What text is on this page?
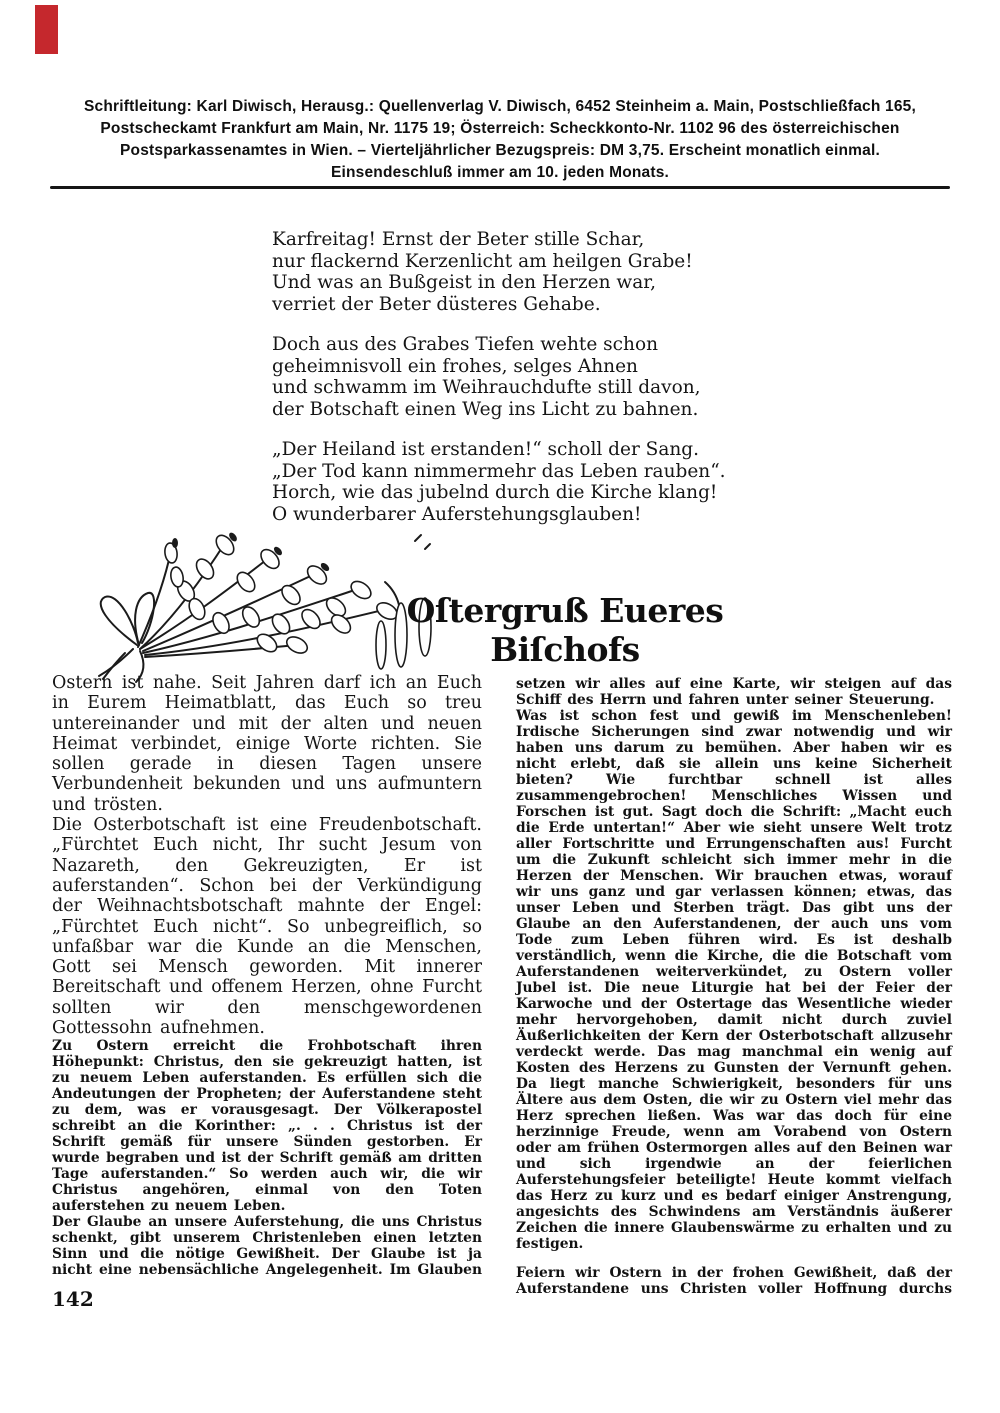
Schriftleitung: Karl Diwisch, Herausg.: Quellenverlag V. Diwisch, 6452 Steinheim a. Main, Postschließfach 165,
Postscheckamt Frankfurt am Main, Nr. 1175 19; Österreich: Scheckkonto-Nr. 1102 96 des österreichischen
Postsparkassenamtes in Wien. – Vierteljährlicher Bezugspreis: DM 3,75. Erscheint monatlich einmal.
Einsendeschluß immer am 10. jeden Monats.
Karfreitag! Ernst der Beter stille Schar,
nur flackernd Kerzenlicht am heilgen Grabe!
Und was an Bußgeist in den Herzen war,
verriet der Beter düsteres Gehabe.
Doch aus des Grabes Tiefen wehte schon
geheimnisvoll ein frohes, selges Ahnen
und schwamm im Weihrauchdufte still davon,
der Botschaft einen Weg ins Licht zu bahnen.
„Der Heiland ist erstanden!“ scholl der Sang.
„Der Tod kann nimmermehr das Leben rauben“.
Horch, wie das jubelnd durch die Kirche klang!
O wunderbarer Auferstehungsglauben!
Oſtergruß Eueres Biſchofs

Ostern ist nahe. Seit Jahren darf ich an Euch in Eurem Heimatblatt, das Euch so treu untereinander und mit der alten und neuen Heimat verbindet, einige Worte richten. Sie sollen gerade in diesen Tagen unsere Verbundenheit bekunden und uns aufmuntern und trösten.

Die Osterbotschaft ist eine Freudenbotschaft. „Fürchtet Euch nicht, Ihr sucht Jesum von Nazareth, den Gekreuzigten, Er ist auferstanden“. Schon bei der Verkündigung der Weihnachtsbotschaft mahnte der Engel: „Fürchtet Euch nicht“. So unbegreiflich, so unfaßbar war die Kunde an die Menschen, Gott sei Mensch geworden. Mit innerer Bereitschaft und offenem Herzen, ohne Furcht sollten wir den menschgewordenen Gottessohn aufnehmen.

Zu Ostern erreicht die Frohbotschaft ihren Höhepunkt: Christus, den sie gekreuzigt hatten, ist zu neuem Leben auferstanden. Es erfüllen sich die Andeutungen der Propheten; der Auferstandene steht zu dem, was er vorausgesagt. Der Völkerapostel schreibt an die Korinther: „. . . Christus ist der Schrift gemäß für unsere Sünden gestorben. Er wurde begraben und ist der Schrift gemäß am dritten Tage auferstanden.“ So werden auch wir, die wir Christus angehören, einmal von den Toten auferstehen zu neuem Leben.

Der Glaube an unsere Auferstehung, die uns Christus schenkt, gibt unserem Christenleben einen letzten Sinn und die nötige Gewißheit. Der Glaube ist ja nicht eine nebensächliche Angelegenheit. Im Glauben

setzen wir alles auf eine Karte, wir steigen auf das Schiff des Herrn und fahren unter seiner Steuerung.

Was ist schon fest und gewiß im Menschenleben! Irdische Sicherungen sind zwar notwendig und wir haben uns darum zu bemühen. Aber haben wir es nicht erlebt, daß sie allein uns keine Sicherheit bieten? Wie furchtbar schnell ist alles zusammengebrochen! Menschliches Wissen und Forschen ist gut. Sagt doch die Schrift: „Macht euch die Erde untertan!“ Aber wie sieht unsere Welt trotz aller Fortschritte und Errungenschaften aus! Furcht um die Zukunft schleicht sich immer mehr in die Herzen der Menschen. Wir brauchen etwas, worauf wir uns ganz und gar verlassen können; etwas, das unser Leben und Sterben trägt. Das gibt uns der Glaube an den Auferstandenen, der auch uns vom Tode zum Leben führen wird. Es ist deshalb verständlich, wenn die Kirche, die die Botschaft vom Auferstandenen weiterverkündet, zu Ostern voller Jubel ist. Die neue Liturgie hat bei der Feier der Karwoche und der Ostertage das Wesentliche wieder mehr hervorgehoben, damit nicht durch zuviel Äußerlichkeiten der Kern der Osterbotschaft allzusehr verdeckt werde. Das mag manchmal ein wenig auf Kosten des Herzens zu Gunsten der Vernunft gehen. Da liegt manche Schwierigkeit, besonders für uns Ältere aus dem Osten, die wir zu Ostern viel mehr das Herz sprechen ließen. Was war das doch für eine herzinnige Freude, wenn am Vorabend von Ostern oder am frühen Ostermorgen alles auf den Beinen war und sich irgendwie an der feierlichen Auferstehungsfeier beteiligte! Heute kommt vielfach das Herz zu kurz und es bedarf einiger Anstrengung, angesichts des Schwindens am Verständnis äußerer Zeichen die innere Glaubenswärme zu erhalten und zu festigen.

Feiern wir Ostern in der frohen Gewißheit, daß der Auferstandene uns Christen voller Hoffnung durchs

142
